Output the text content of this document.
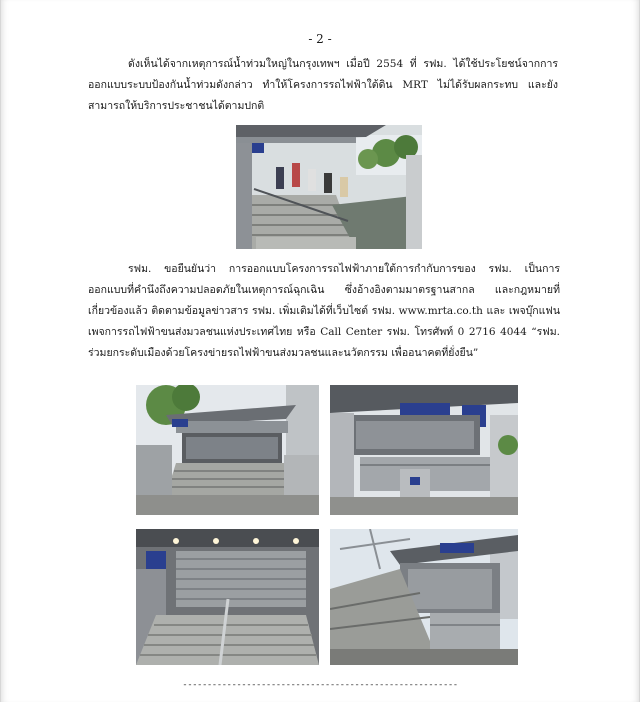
- 2 -
ดังเห็นได้จากเหตุการณ์น้ำท่วมใหญ่ในกรุงเทพฯ เมื่อปี 2554 ที่ รฟม. ได้ใช้ประโยชน์จากการออกแบบระบบป้องกันน้ำท่วมดังกล่าว ทำให้โครงการรถไฟฟ้าใต้ดิน MRT ไม่ได้รับผลกระทบ และยังสามารถให้บริการประชาชนได้ตามปกติ
รฟม. ขอยืนยันว่า การออกแบบโครงการรถไฟฟ้าภายใต้การกำกับการของ รฟม. เป็นการออกแบบที่คำนึงถึงความปลอดภัยในเหตุการณ์ฉุกเฉิน ซึ่งอ้างอิงตามมาตรฐานสากล และกฎหมายที่เกี่ยวข้องแล้ว ติดตามข้อมูลข่าวสาร รฟม. เพิ่มเติมได้ที่เว็บไซต์ รฟม. www.mrta.co.th และ เพจบุ๊กแฟนเพจการรถไฟฟ้าขนส่งมวลชนแห่งประเทศไทย หรือ Call Center รฟม. โทรศัพท์ 0 2716 4044 “รฟม. ร่วมยกระดับเมืองด้วยโครงข่ายรถไฟฟ้าขนส่งมวลชนและนวัตกรรม เพื่ออนาคตที่ยั่งยืน”
--------------------------------------------------------
